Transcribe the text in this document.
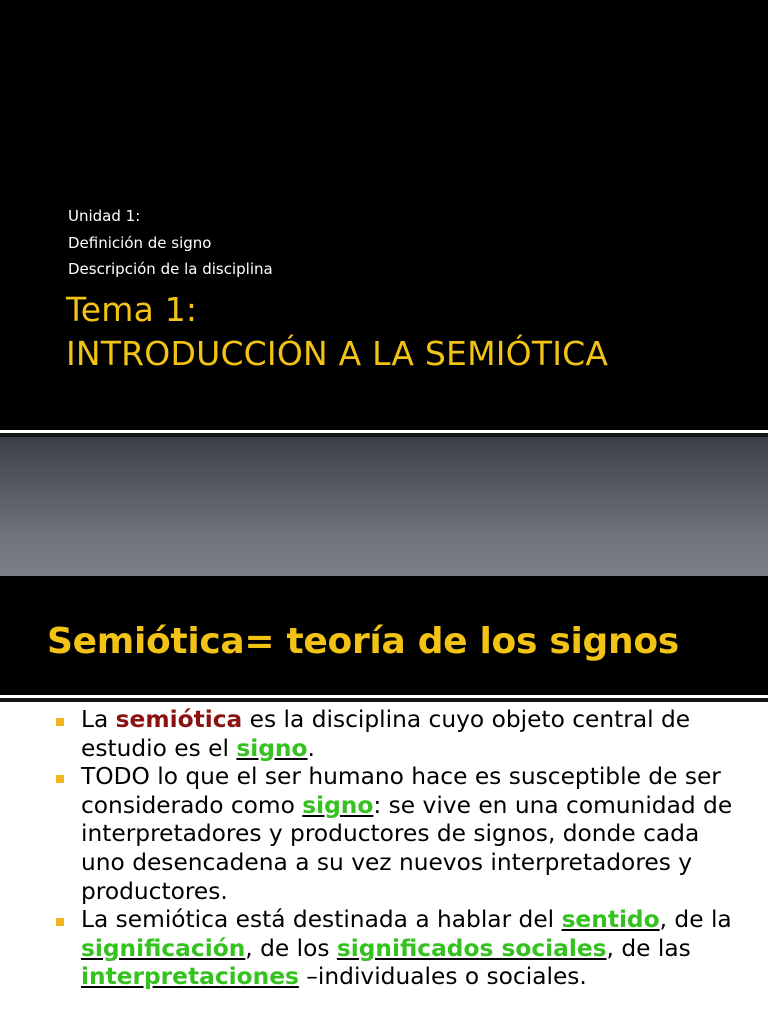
Unidad 1:
Definición de signo
Descripción de la disciplina
Tema 1:
INTRODUCCIÓN A LA SEMIÓTICA
Semiótica= teoría de los signos
La semiótica es la disciplina cuyo objeto central de estudio es el signo.
TODO lo que el ser humano hace es susceptible de ser considerado como signo: se vive en una comunidad de interpretadores y productores de signos, donde cada uno desencadena a su vez nuevos interpretadores y productores.
La semiótica está destinada a hablar del sentido, de la significación, de los significados sociales, de las interpretaciones –individuales o sociales.
